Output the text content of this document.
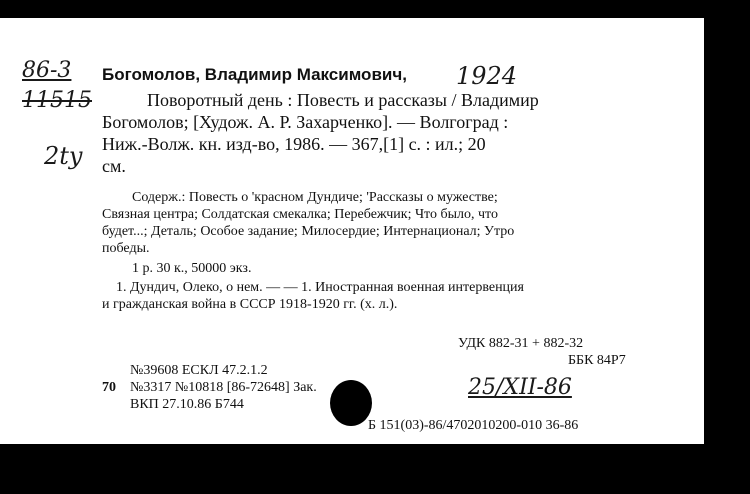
86-3
11515
2ty
1924
25/XII-86
Богомолов, Владимир Максимович,
Поворотный день : Повесть и рассказы / Владимир
Богомолов; [Худож. А. Р. Захарченко]. — Волгоград :
Ниж.-Волж. кн. изд-во, 1986. — 367,[1] с. : ил.; 20
см.
Содерж.: Повесть о 'красном Дундиче; 'Рассказы о мужестве;
Связная центра; Солдатская смекалка; Перебежчик; Что было, что
будет...; Деталь; Особое задание; Милосердие; Интернационал; Утро
победы.
1 р. 30 к., 50000 экз.
1. Дундич, Олеко, о нем. — — 1. Иностранная военная интервенция
и гражданская война в СССР 1918-1920 гг. (х. л.).
УДК 882-31 + 882-32
ББК 84Р7
№39608 ЕСКЛ 47.2.1.2
70 №3317 №10818 [86-72648] Зак.
ВКП 27.10.86 Б744
Б 151(03)-86/4702010200-010 36-86
